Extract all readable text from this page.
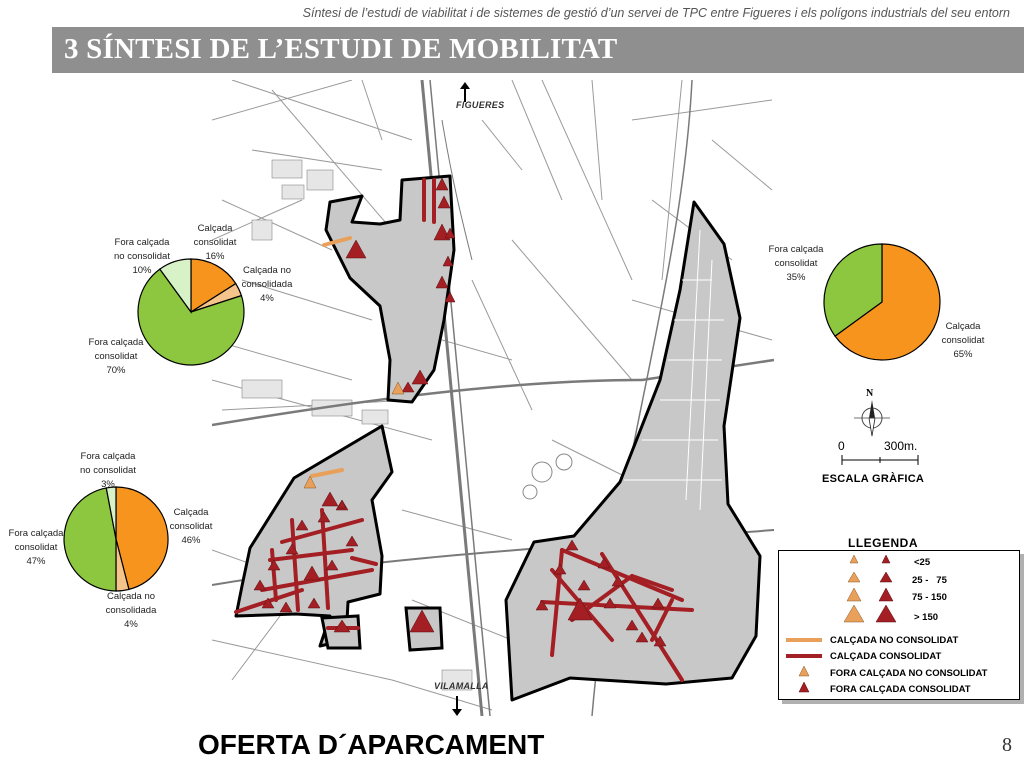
Síntesi de l’estudi de viabilitat i de sistemes de gestió d’un servei de TPC entre Figueres i els polígons industrials del seu entorn
3 SÍNTESI DE L’ESTUDI DE MOBILITAT
FIGUERES
VILAMALLA
Calçada
consolidat
16%
Calçada no
consolidada
4%
Fora calçada
consolidat
70%
Fora calçada
no consolidat
10%
Fora calçada
no consolidat
3%
Calçada
consolidat
46%
Fora calçada
consolidat
47%
Calçada no
consolidada
4%
Fora calçada
consolidat
35%
Calçada
consolidat
65%
N
0	300m.
ESCALA GRÀFICA
LLEGENDA
<25
25 -   75
75 - 150
> 150
CALÇADA NO CONSOLIDAT
CALÇADA CONSOLIDAT
FORA CALÇADA NO CONSOLIDAT
FORA CALÇADA CONSOLIDAT
OFERTA D´APARCAMENT	8
